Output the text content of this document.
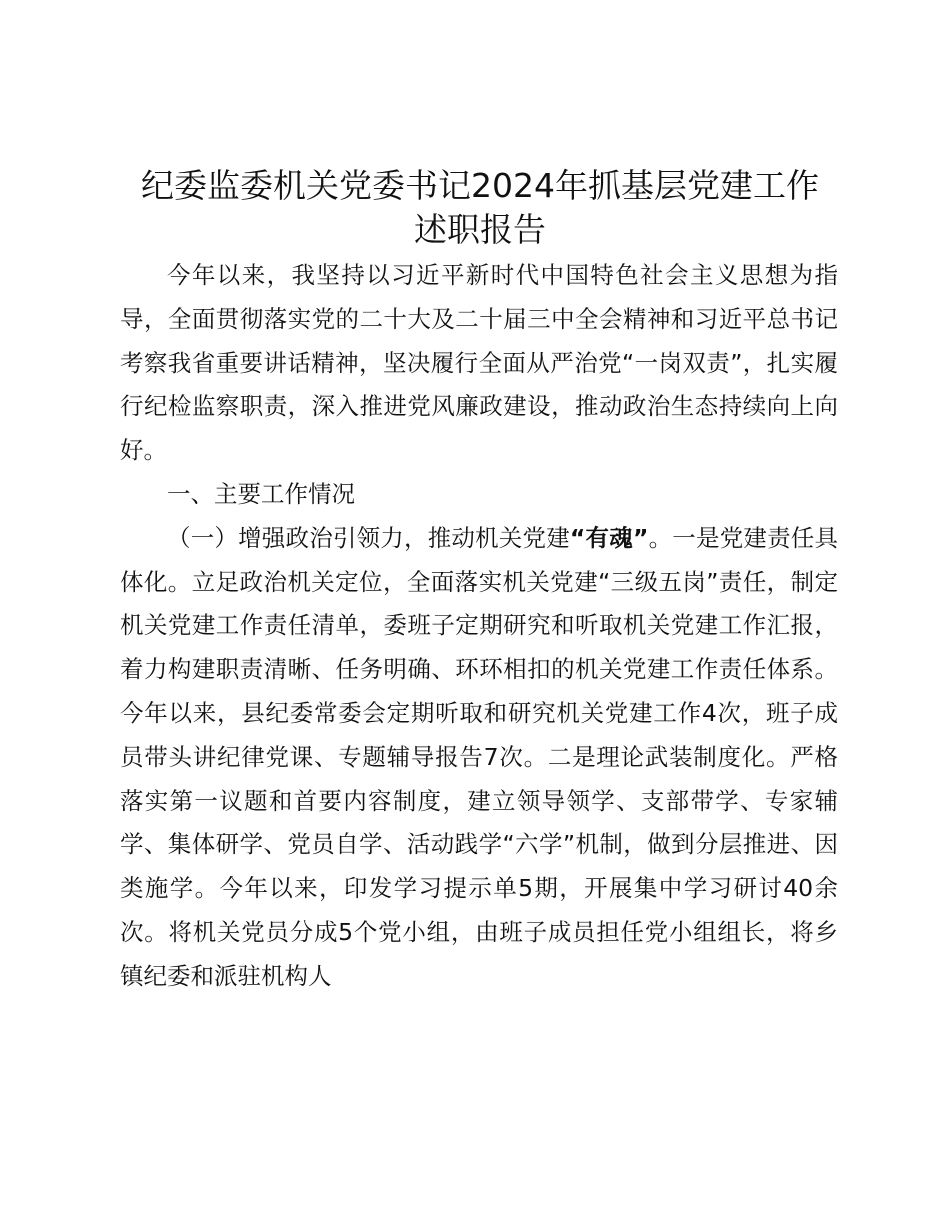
纪委监委机关党委书记2024年抓基层党建工作
述职报告

今年以来，我坚持以习近平新时代中国特色社会主义思想为指导，全面贯彻落实党的二十大及二十届三中全会精神和习近平总书记考察我省重要讲话精神，坚决履行全面从严治党“一岗双责”，扎实履行纪检监察职责，深入推进党风廉政建设，推动政治生态持续向上向好。

一、主要工作情况

（一）增强政治引领力，推动机关党建“有魂”。一是党建责任具体化。立足政治机关定位，全面落实机关党建“三级五岗”责任，制定机关党建工作责任清单，委班子定期研究和听取机关党建工作汇报，着力构建职责清晰、任务明确、环环相扣的机关党建工作责任体系。今年以来，县纪委常委会定期听取和研究机关党建工作4次，班子成员带头讲纪律党课、专题辅导报告7次。二是理论武装制度化。严格落实第一议题和首要内容制度，建立领导领学、支部带学、专家辅学、集体研学、党员自学、活动践学“六学”机制，做到分层推进、因类施学。今年以来，印发学习提示单5期，开展集中学习研讨40余次。将机关党员分成5个党小组，由班子成员担任党小组组长，将乡镇纪委和派驻机构人
